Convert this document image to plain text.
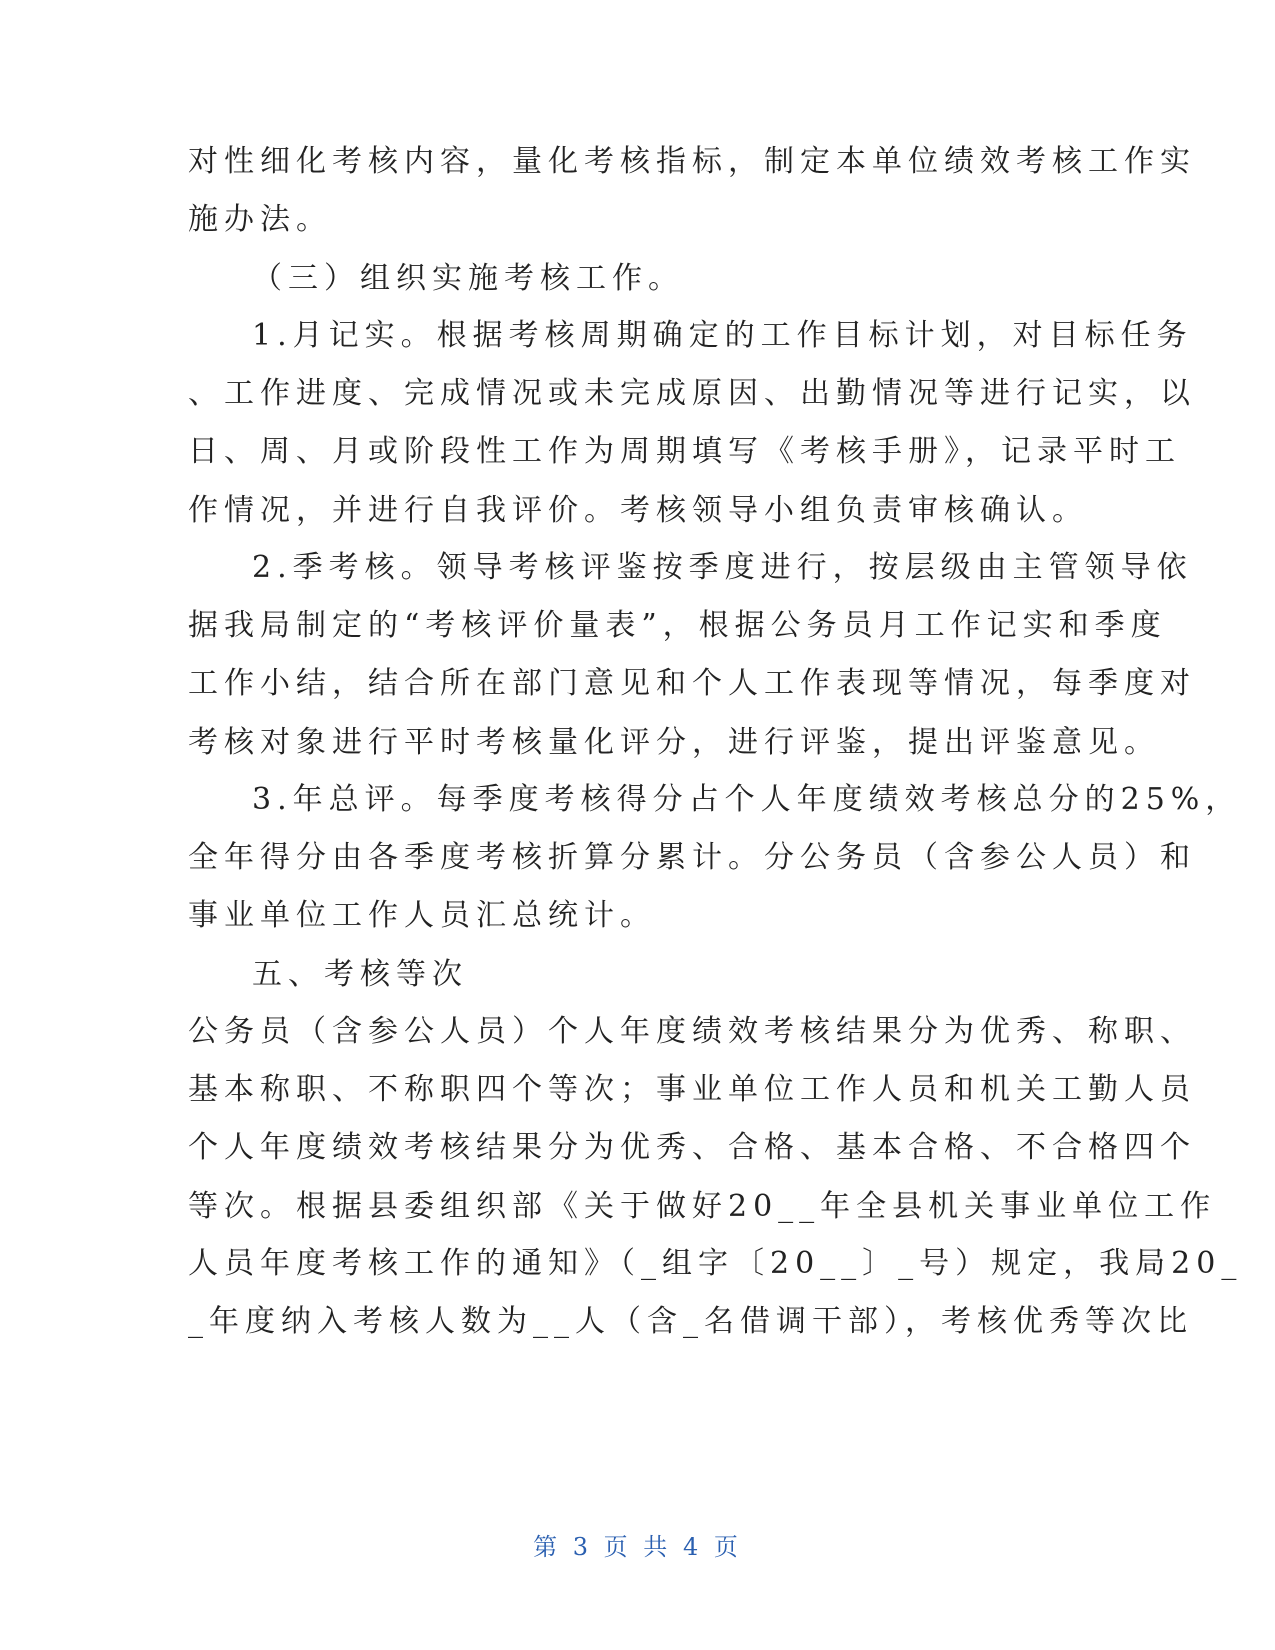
对性细化考核内容，量化考核指标，制定本单位绩效考核工作实
施办法。
（三）组织实施考核工作。
1.月记实。根据考核周期确定的工作目标计划，对目标任务
、工作进度、完成情况或未完成原因、出勤情况等进行记实，以
日、周、月或阶段性工作为周期填写《考核手册》，记录平时工
作情况，并进行自我评价。考核领导小组负责审核确认。
2.季考核。领导考核评鉴按季度进行，按层级由主管领导依
据我局制定的“考核评价量表”，根据公务员月工作记实和季度
工作小结，结合所在部门意见和个人工作表现等情况，每季度对
考核对象进行平时考核量化评分，进行评鉴，提出评鉴意见。
3.年总评。每季度考核得分占个人年度绩效考核总分的25%，
全年得分由各季度考核折算分累计。分公务员（含参公人员）和
事业单位工作人员汇总统计。
五、考核等次
公务员（含参公人员）个人年度绩效考核结果分为优秀、称职、
基本称职、不称职四个等次；事业单位工作人员和机关工勤人员
个人年度绩效考核结果分为优秀、合格、基本合格、不合格四个
等次。根据县委组织部《关于做好20__年全县机关事业单位工作
人员年度考核工作的通知》（_组字〔20__〕_号）规定，我局20_
_年度纳入考核人数为__人（含_名借调干部），考核优秀等次比
第 3 页 共 4 页
